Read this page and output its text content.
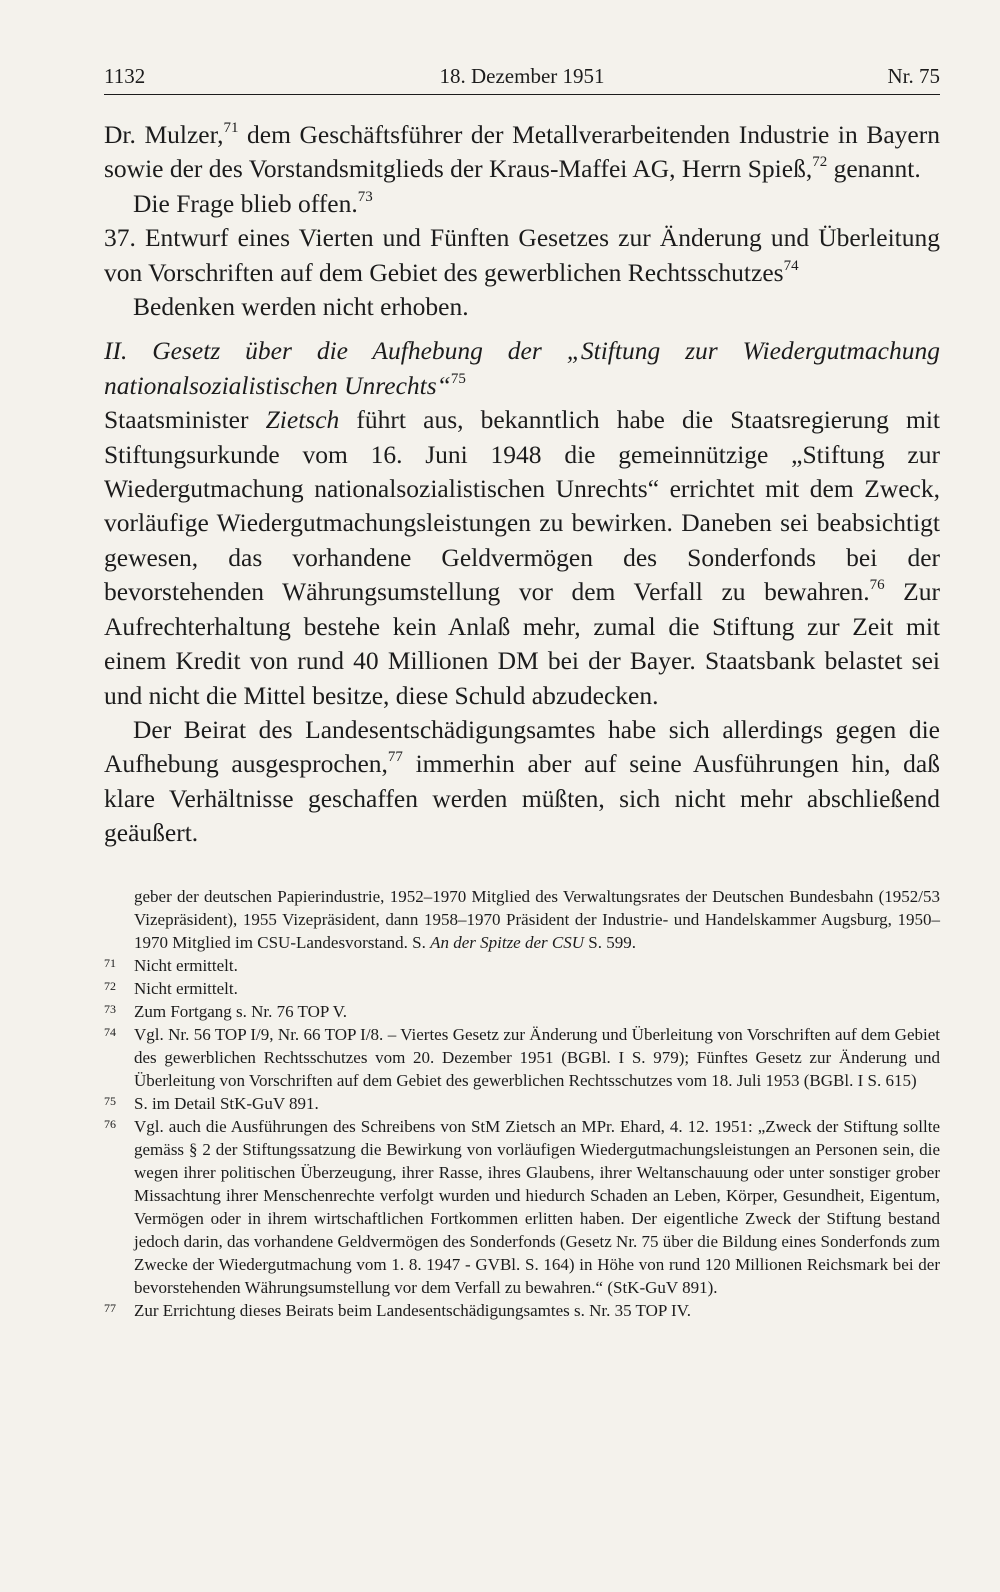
1132	18. Dezember 1951	Nr. 75

Dr. Mulzer,$^{71}$ dem Geschäftsführer der Metallverarbeitenden Industrie in Bayern sowie der des Vorstandsmitglieds der Kraus-Maffei AG, Herrn Spieß,$^{72}$ genannt.

Die Frage blieb offen.$^{73}$

37. Entwurf eines Vierten und Fünften Gesetzes zur Änderung und Überleitung von Vorschriften auf dem Gebiet des gewerblichen Rechtsschutzes$^{74}$

Bedenken werden nicht erhoben.

II. Gesetz über die Aufhebung der „Stiftung zur Wiedergutmachung nationalsozialistischen Unrechts“$^{75}$

Staatsminister Zietsch führt aus, bekanntlich habe die Staatsregierung mit Stiftungsurkunde vom 16. Juni 1948 die gemeinnützige „Stiftung zur Wiedergutmachung nationalsozialistischen Unrechts“ errichtet mit dem Zweck, vorläufige Wiedergutmachungsleistungen zu bewirken. Daneben sei beabsichtigt gewesen, das vorhandene Geldvermögen des Sonderfonds bei der bevorstehenden Währungsumstellung vor dem Verfall zu bewahren.$^{76}$ Zur Aufrechterhaltung bestehe kein Anlaß mehr, zumal die Stiftung zur Zeit mit einem Kredit von rund 40 Millionen DM bei der Bayer. Staatsbank belastet sei und nicht die Mittel besitze, diese Schuld abzudecken.

Der Beirat des Landesentschädigungsamtes habe sich allerdings gegen die Aufhebung ausgesprochen,$^{77}$ immerhin aber auf seine Ausführungen hin, daß klare Verhältnisse geschaffen werden müßten, sich nicht mehr abschließend geäußert.

geber der deutschen Papierindustrie, 1952–1970 Mitglied des Verwaltungsrates der Deutschen Bundesbahn (1952/53 Vizepräsident), 1955 Vizepräsident, dann 1958–1970 Präsident der Industrie- und Handelskammer Augsburg, 1950–1970 Mitglied im CSU-Landesvorstand. S. An der Spitze der CSU S. 599.

71 Nicht ermittelt.

72 Nicht ermittelt.

73 Zum Fortgang s. Nr. 76 TOP V.

74 Vgl. Nr. 56 TOP I/9, Nr. 66 TOP I/8. – Viertes Gesetz zur Änderung und Überleitung von Vorschriften auf dem Gebiet des gewerblichen Rechtsschutzes vom 20. Dezember 1951 (BGBl. I S. 979); Fünftes Gesetz zur Änderung und Überleitung von Vorschriften auf dem Gebiet des gewerblichen Rechtsschutzes vom 18. Juli 1953 (BGBl. I S. 615)

75 S. im Detail StK-GuV 891.

76 Vgl. auch die Ausführungen des Schreibens von StM Zietsch an MPr. Ehard, 4. 12. 1951: „Zweck der Stiftung sollte gemäss § 2 der Stiftungssatzung die Bewirkung von vorläufigen Wiedergutmachungsleistungen an Personen sein, die wegen ihrer politischen Überzeugung, ihrer Rasse, ihres Glaubens, ihrer Weltanschauung oder unter sonstiger grober Missachtung ihrer Menschenrechte verfolgt wurden und hiedurch Schaden an Leben, Körper, Gesundheit, Eigentum, Vermögen oder in ihrem wirtschaftlichen Fortkommen erlitten haben. Der eigentliche Zweck der Stiftung bestand jedoch darin, das vorhandene Geldvermögen des Sonderfonds (Gesetz Nr. 75 über die Bildung eines Sonderfonds zum Zwecke der Wiedergutmachung vom 1. 8. 1947 - GVBl. S. 164) in Höhe von rund 120 Millionen Reichsmark bei der bevorstehenden Währungsumstellung vor dem Verfall zu bewahren.“ (StK-GuV 891).

77 Zur Errichtung dieses Beirats beim Landesentschädigungsamtes s. Nr. 35 TOP IV.
